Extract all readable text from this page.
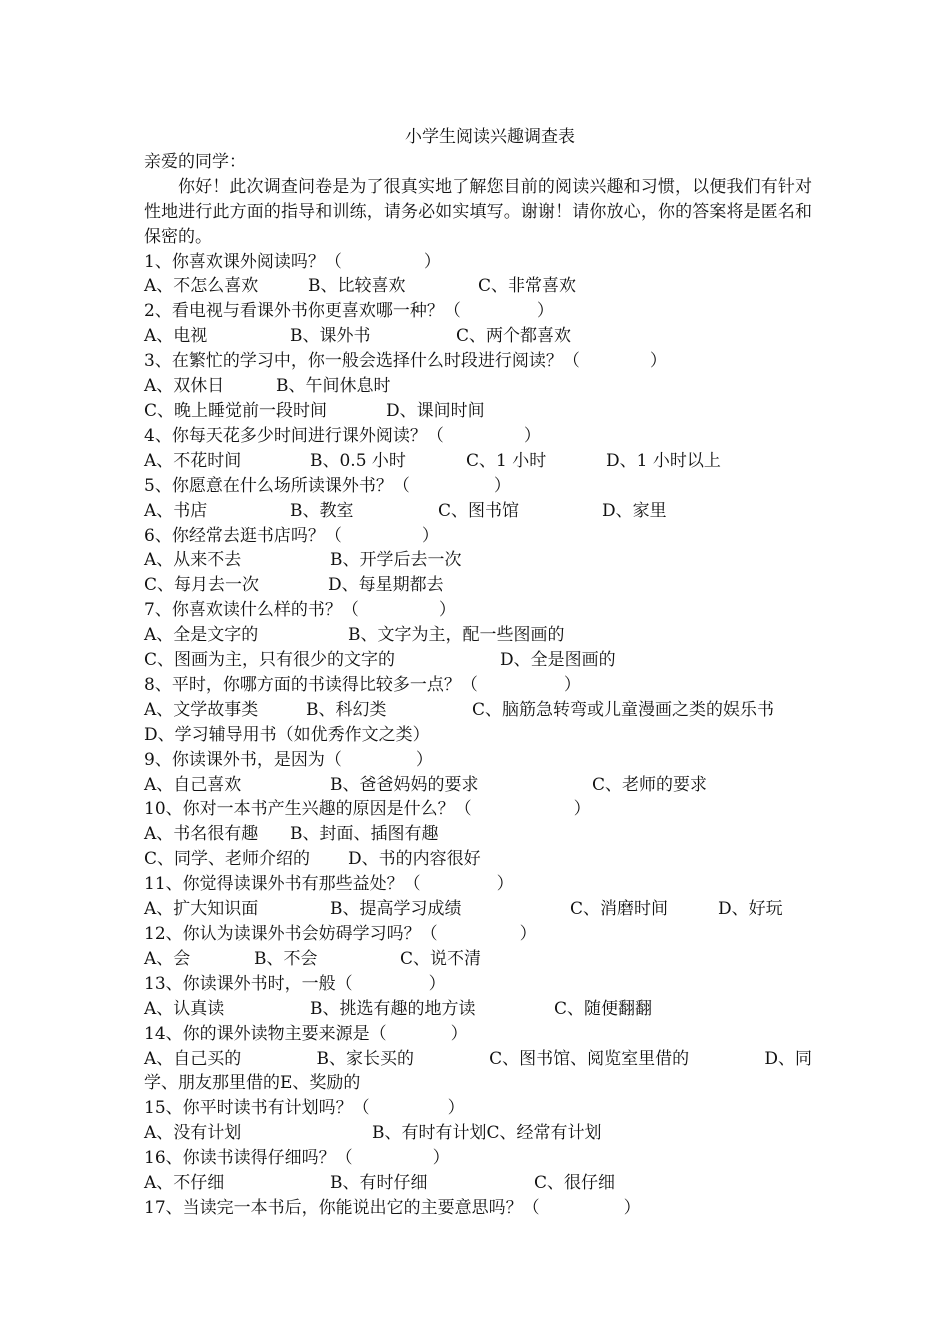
小学生阅读兴趣调查表
亲爱的同学：
你好！此次调查问卷是为了很真实地了解您目前的阅读兴趣和习惯，以便我们有针对性地进行此方面的指导和训练，请务必如实填写。谢谢！请你放心，你的答案将是匿名和保密的。
1、你喜欢课外阅读吗？（	）
A、不怎么喜欢	B、比较喜欢	C、非常喜欢
2、看电视与看课外书你更喜欢哪一种？（	）
A、电视	B、课外书	C、两个都喜欢
3、在繁忙的学习中，你一般会选择什么时段进行阅读？（	）
A、双休日	B、午间休息时
C、晚上睡觉前一段时间	D、课间时间
4、你每天花多少时间进行课外阅读？（	）
A、不花时间	B、0.5 小时	C、1 小时	D、1 小时以上
5、你愿意在什么场所读课外书？（	）
A、书店	B、教室	C、图书馆	D、家里
6、你经常去逛书店吗？（	）
A、从来不去	B、开学后去一次
C、每月去一次	D、每星期都去
7、你喜欢读什么样的书？（	）
A、全是文字的	B、文字为主，配一些图画的
C、图画为主，只有很少的文字的	D、全是图画的
8、平时，你哪方面的书读得比较多一点？（	）
A、文学故事类	B、科幻类	C、脑筋急转弯或儿童漫画之类的娱乐书
D、学习辅导用书（如优秀作文之类）
9、你读课外书，是因为（	）
A、自己喜欢	B、爸爸妈妈的要求	C、老师的要求
10、你对一本书产生兴趣的原因是什么？（	）
A、书名很有趣	B、封面、插图有趣
C、同学、老师介绍的	D、书的内容很好
11、你觉得读课外书有那些益处？（	）
A、扩大知识面	B、提高学习成绩	C、消磨时间	D、好玩
12、你认为读课外书会妨碍学习吗？（	）
A、会	B、不会	C、说不清
13、你读课外书时，一般（	）
A、认真读	B、挑选有趣的地方读	C、随便翻翻
14、你的课外读物主要来源是（	）
A、自己买的	B、家长买的	C、图书馆、阅览室里借的	D、同
学、朋友那里借的 E、奖励的
15、你平时读书有计划吗？（	）
A、没有计划	B、有时有计划 C、经常有计划
16、你读书读得仔细吗？（	）
A、不仔细	B、有时仔细	C、很仔细
17、当读完一本书后，你能说出它的主要意思吗？（	）
